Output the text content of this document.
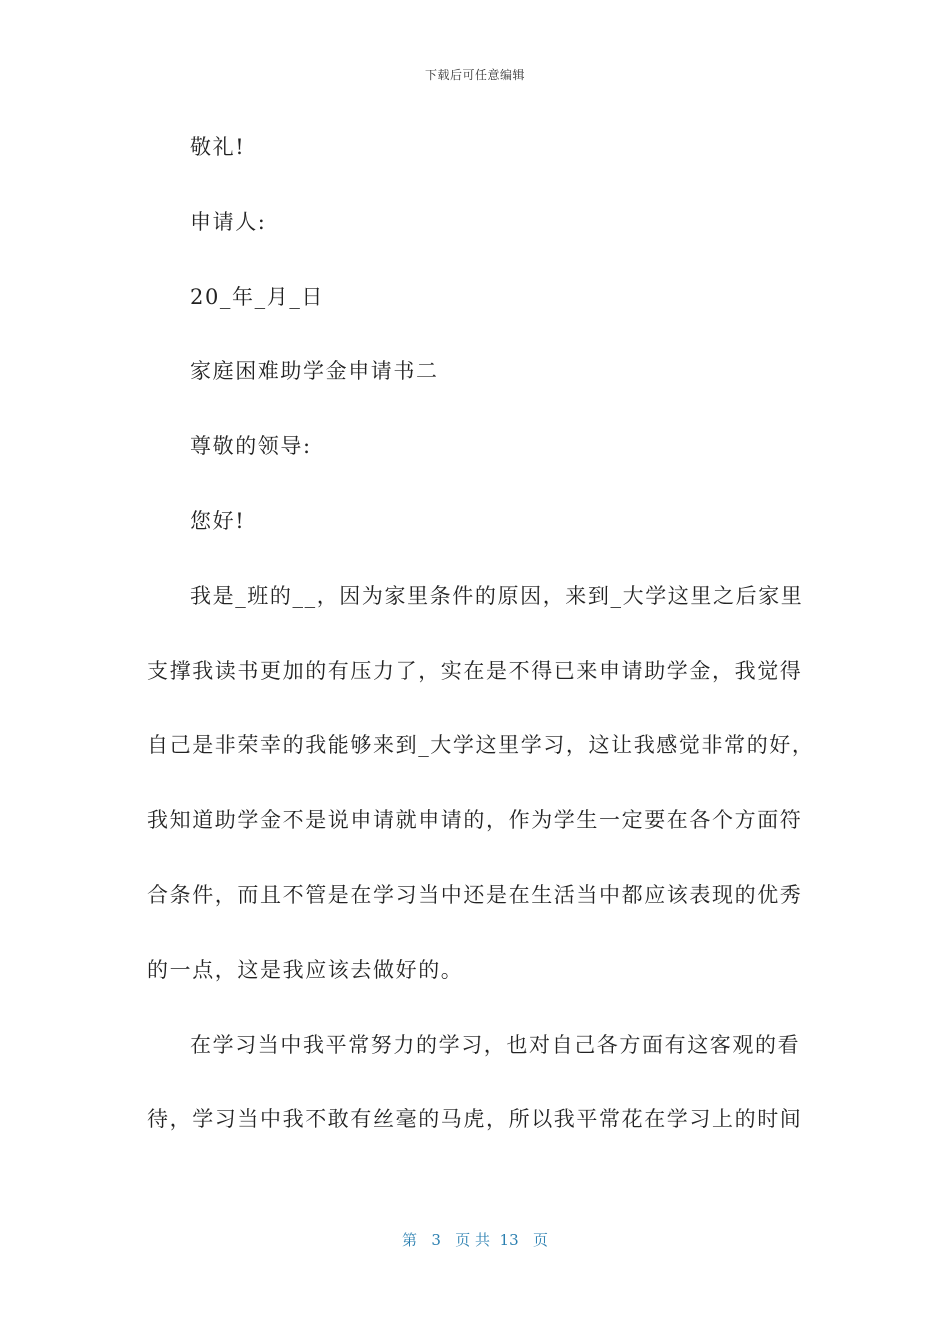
下载后可任意编辑
敬礼!
申请人:
20_年_月_日
家庭困难助学金申请书二
尊敬的领导:
您好!
我是_班的__，因为家里条件的原因，来到_大学这里之后家里
支撑我读书更加的有压力了，实在是不得已来申请助学金，我觉得
自己是非荣幸的我能够来到_大学这里学习，这让我感觉非常的好，
我知道助学金不是说申请就申请的，作为学生一定要在各个方面符
合条件，而且不管是在学习当中还是在生活当中都应该表现的优秀
的一点，这是我应该去做好的。
在学习当中我平常努力的学习，也对自己各方面有这客观的看
待，学习当中我不敢有丝毫的马虎，所以我平常花在学习上的时间
第 3 页 共 13 页
